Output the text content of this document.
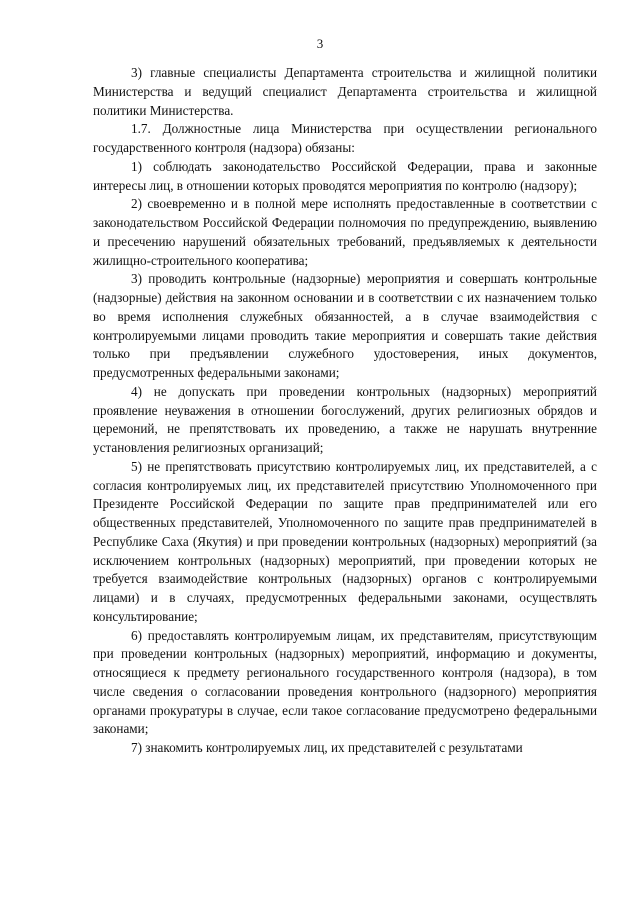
3

3) главные специалисты Департамента строительства и жилищной политики Министерства и ведущий специалист Департамента строительства и жилищной политики Министерства.

1.7. Должностные лица Министерства при осуществлении регионального государственного контроля (надзора) обязаны:

1) соблюдать законодательство Российской Федерации, права и законные интересы лиц, в отношении которых проводятся мероприятия по контролю (надзору);

2) своевременно и в полной мере исполнять предоставленные в соответствии с законодательством Российской Федерации полномочия по предупреждению, выявлению и пресечению нарушений обязательных требований, предъявляемых к деятельности жилищно-строительного кооператива;

3) проводить контрольные (надзорные) мероприятия и совершать контрольные (надзорные) действия на законном основании и в соответствии с их назначением только во время исполнения служебных обязанностей, а в случае взаимодействия с контролируемыми лицами проводить такие мероприятия и совершать такие действия только при предъявлении служебного удостоверения, иных документов, предусмотренных федеральными законами;

4) не допускать при проведении контрольных (надзорных) мероприятий проявление неуважения в отношении богослужений, других религиозных обрядов и церемоний, не препятствовать их проведению, а также не нарушать внутренние установления религиозных организаций;

5) не препятствовать присутствию контролируемых лиц, их представителей, а с согласия контролируемых лиц, их представителей присутствию Уполномоченного при Президенте Российской Федерации по защите прав предпринимателей или его общественных представителей, Уполномоченного по защите прав предпринимателей в Республике Саха (Якутия) и при проведении контрольных (надзорных) мероприятий (за исключением контрольных (надзорных) мероприятий, при проведении которых не требуется взаимодействие контрольных (надзорных) органов с контролируемыми лицами) и в случаях, предусмотренных федеральными законами, осуществлять консультирование;

6) предоставлять контролируемым лицам, их представителям, присутствующим при проведении контрольных (надзорных) мероприятий, информацию и документы, относящиеся к предмету регионального государственного контроля (надзора), в том числе сведения о согласовании проведения контрольного (надзорного) мероприятия органами прокуратуры в случае, если такое согласование предусмотрено федеральными законами;

7) знакомить контролируемых лиц, их представителей с результатами
